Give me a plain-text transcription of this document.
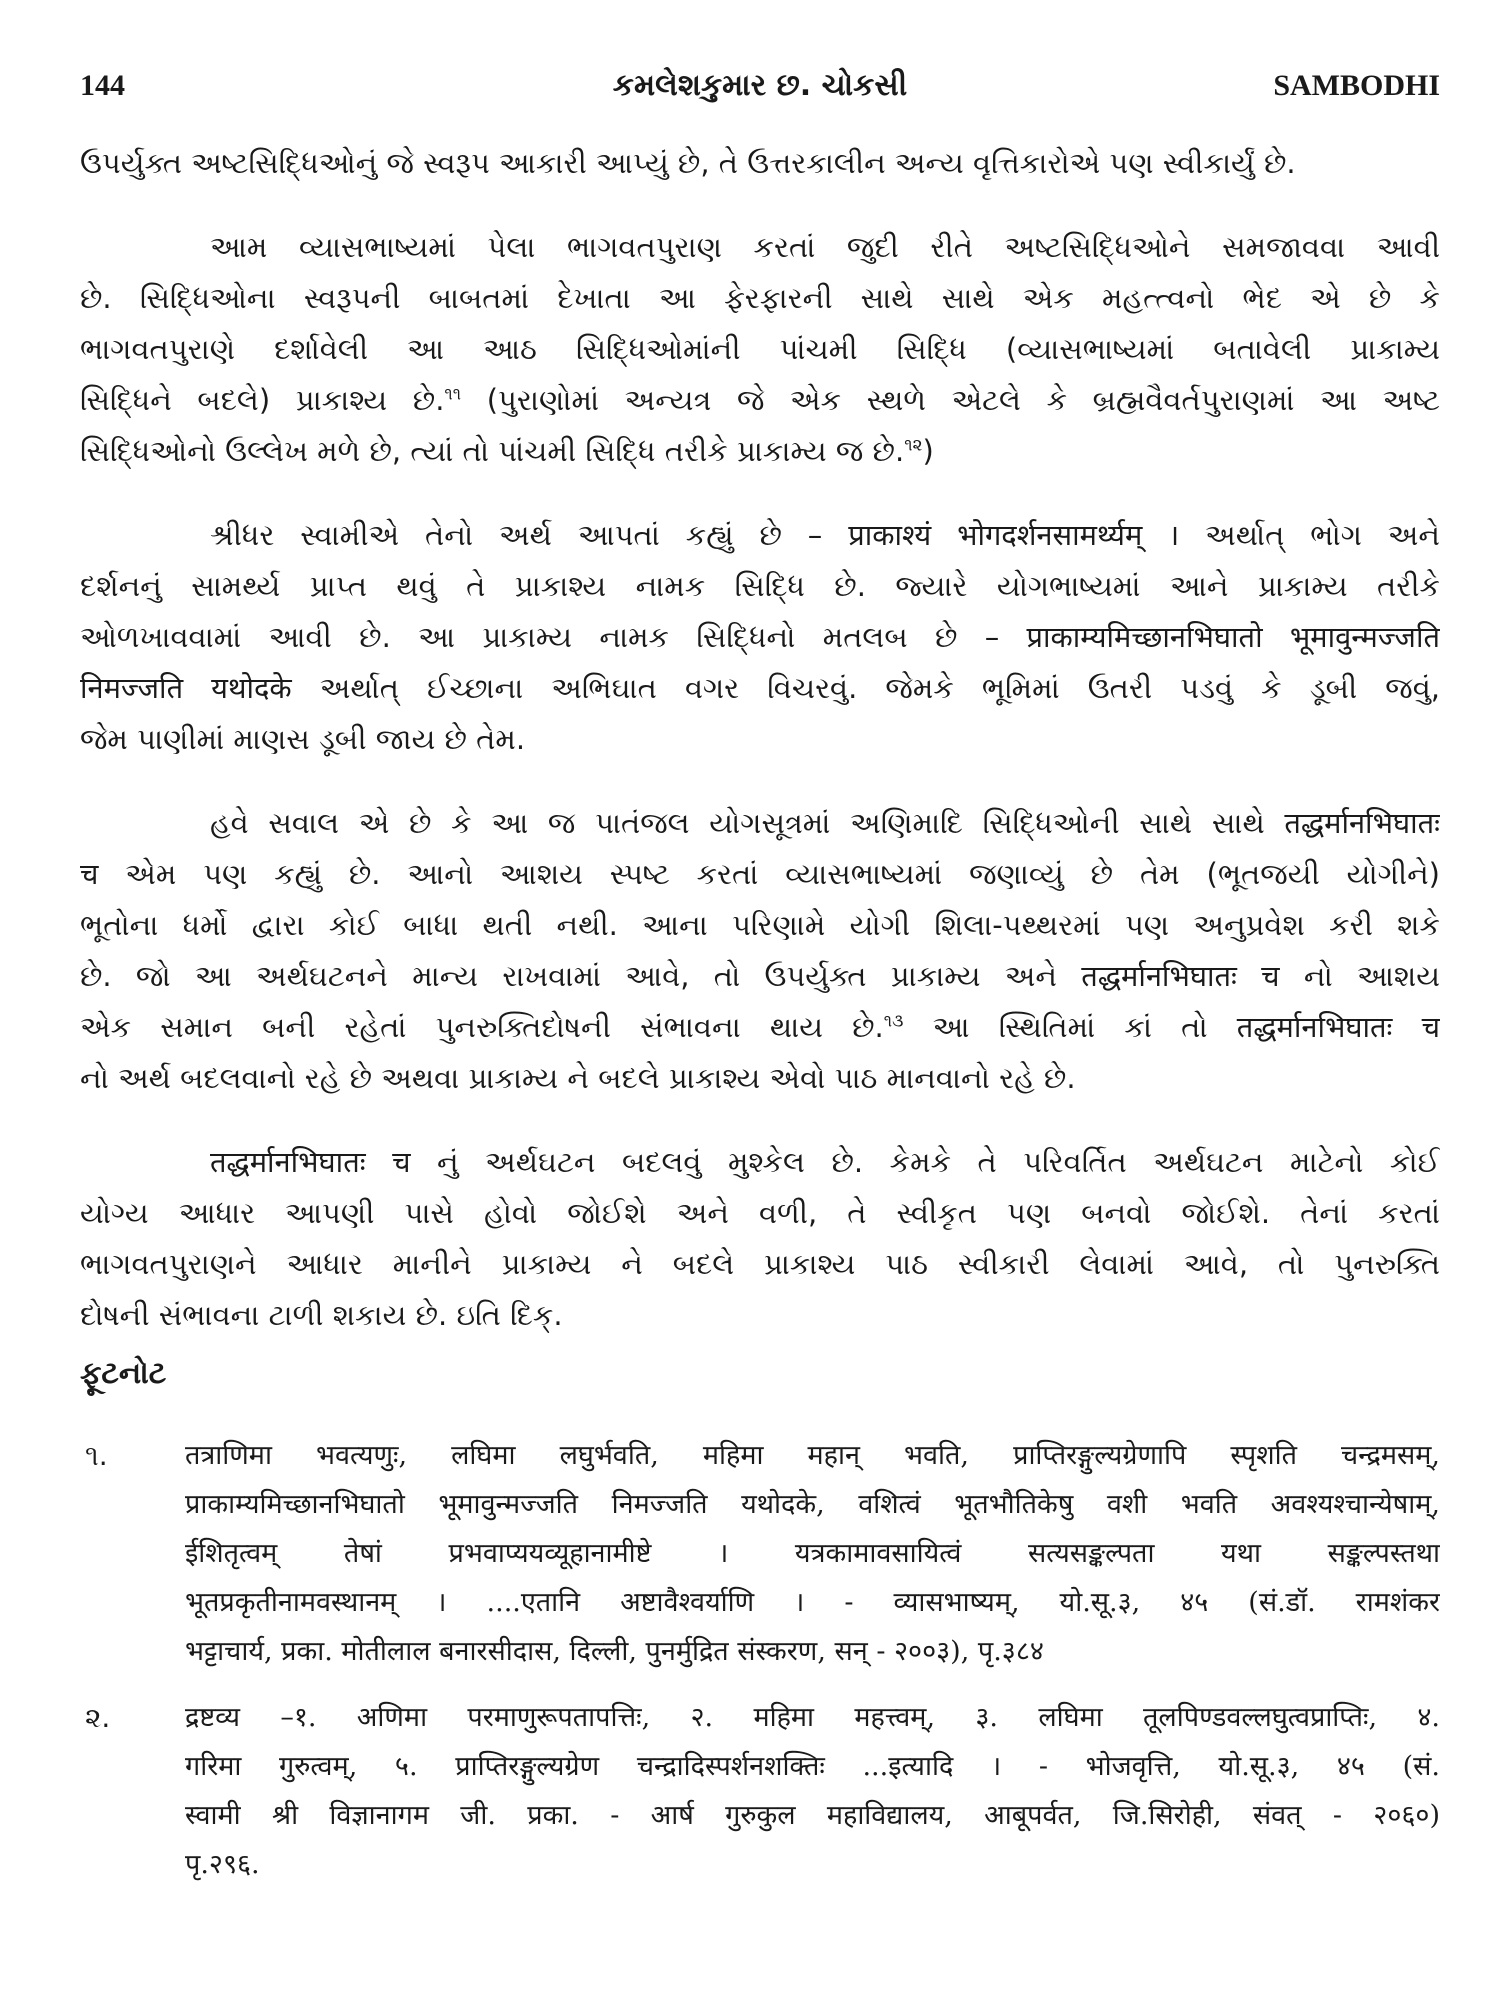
144	કમલેશકુમાર છ. ચોકસી	SAMBODHI
ઉપર્યુક્ત અષ્ટસિદ્ધિઓનું જે સ્વરૂપ આકારી આપ્યું છે, તે ઉત્તરકાલીન અન્ય વૃત્તિકારોએ પણ સ્વીકાર્યું છે.
આમ વ્યાસભાષ્યમાં પેલા ભાગવતપુરાણ કરતાં જુદી રીતે અષ્ટસિદ્ધિઓને સમજાવવા આવી
છે. સિદ્ધિઓના સ્વરૂપની બાબતમાં દેખાતા આ ફેરફારની સાથે સાથે એક મહત્ત્વનો ભેદ એ છે કે
ભાગવતપુરાણે દર્શાવેલી આ આઠ સિદ્ધિઓમાંની પાંચમી સિદ્ધિ (વ્યાસભાષ્યમાં બતાવેલી પ્રાકામ્ય
સિદ્ધિને બદલે) પ્રાકાશ્ય છે.$^{૧૧}$ (પુરાણોમાં અન્યત્ર જે એક સ્થળે એટલે કે બ્રહ્મવૈવર્તપુરાણમાં આ અષ્ટ
સિદ્ધિઓનો ઉલ્લેખ મળે છે, ત્યાં તો પાંચમી સિદ્ધિ તરીકે પ્રાકામ્ય જ છે.$^{૧૨}$)
શ્રીધર સ્વામીએ તેનો અર્થ આપતાં કહ્યું છે – प्राकाश्यं भोगदर्शनसामर्थ्यम् । અર્થાત્ ભોગ અને
દર્શનનું સામર્થ્ય પ્રાપ્ત થવું તે પ્રાકાશ્ય નામક સિદ્ધિ છે. જ્યારે યોગભાષ્યમાં આને પ્રાકામ્ય તરીકે
ઓળખાવવામાં આવી છે. આ પ્રાકામ્ય નામક સિદ્ધિનો મતલબ છે – प्राकाम्यमिच्छानभिघातो भूमावुन्मज्जति
निमज्जति यथोदके અર્થાત્ ઈચ્છાના અભિઘાત વગર વિચરવું. જેમકે ભૂમિમાં ઉતરી પડવું કે ડૂબી જવું,
જેમ પાણીમાં માણસ ડૂબી જાય છે તેમ.
હવે સવાલ એ છે કે આ જ પાતંજલ યોગસૂત્રમાં અણિમાદિ સિદ્ધિઓની સાથે સાથે तद्धर्मानभिघातः
च એમ પણ કહ્યું છે. આનો આશય સ્પષ્ટ કરતાં વ્યાસભાષ્યમાં જણાવ્યું છે તેમ (ભૂતજયી યોગીને)
ભૂતોના ધર્મો દ્વારા કોઈ બાધા થતી નથી. આના પરિણામે યોગી શિલા-પથ્થરમાં પણ અનુપ્રવેશ કરી શકે
છે. જો આ અર્થઘટનને માન્ય રાખવામાં આવે, તો ઉપર્યુક્ત પ્રાકામ્ય અને तद्धर्मानभिघातः च નો આશય
એક સમાન બની રહેતાં પુનરુક્તિદોષની સંભાવના થાય છે.$^{૧૩}$ આ સ્થિતિમાં કાં તો तद्धर्मानभिघातः च
નો અર્થ બદલવાનો રહે છે અથવા પ્રાકામ્ય ને બદલે પ્રાકાશ્ય એવો પાઠ માનવાનો રહે છે.
तद्धर्मानभिघातः च નું અર્થઘટન બદલવું મુશ્કેલ છે. કેમકે તે પરિવર્તિત અર્થઘટન માટેનો કોઈ
યોગ્ય આધાર આપણી પાસે હોવો જોઈશે અને વળી, તે સ્વીકૃત પણ બનવો જોઈશે. તેનાં કરતાં
ભાગવતપુરાણને આધાર માનીને પ્રાકામ્ય ને બદલે પ્રાકાશ્ય પાઠ સ્વીકારી લેવામાં આવે, તો પુનરુક્તિ
દોષની સંભાવના ટાળી શકાય છે. ઇતિ દિક્.
ફૂટનોટ
૧.	तत्राणिमा भवत्यणुः, लघिमा लघुर्भवति, महिमा महान् भवति, प्राप्तिरङ्गुल्यग्रेणापि स्पृशति चन्द्रमसम्,
प्राकाम्यमिच्छानभिघातो भूमावुन्मज्जति निमज्जति यथोदके, वशित्वं भूतभौतिकेषु वशी भवति अवश्यश्चान्येषाम्,
ईशितृत्वम् तेषां प्रभवाप्ययव्यूहानामीष्टे । यत्रकामावसायित्वं सत्यसङ्कल्पता यथा सङ्कल्पस्तथा
भूतप्रकृतीनामवस्थानम् । ....एतानि अष्टावैश्वर्याणि । - व्यासभाष्यम्, यो.सू.३, ४५ (सं.डॉ. रामशंकर
भट्टाचार्य, प्रका. मोतीलाल बनारसीदास, दिल्ली, पुनर्मुद्रित संस्करण, सन् - २००३), पृ.३८४
૨.	द्रष्टव्य –१. अणिमा परमाणुरूपतापत्तिः, २. महिमा महत्त्वम्, ३. लघिमा तूलपिण्डवल्लघुत्वप्राप्तिः, ४.
गरिमा गुरुत्वम्, ५. प्राप्तिरङ्गुल्यग्रेण चन्द्रादिस्पर्शनशक्तिः ...इत्यादि । - भोजवृत्ति, यो.सू.३, ४५ (सं.
स्वामी श्री विज्ञानागम जी. प्रका. - आर्ष गुरुकुल महाविद्यालय, आबूपर्वत, जि.सिरोही, संवत् - २०६०)
पृ.२९६.
